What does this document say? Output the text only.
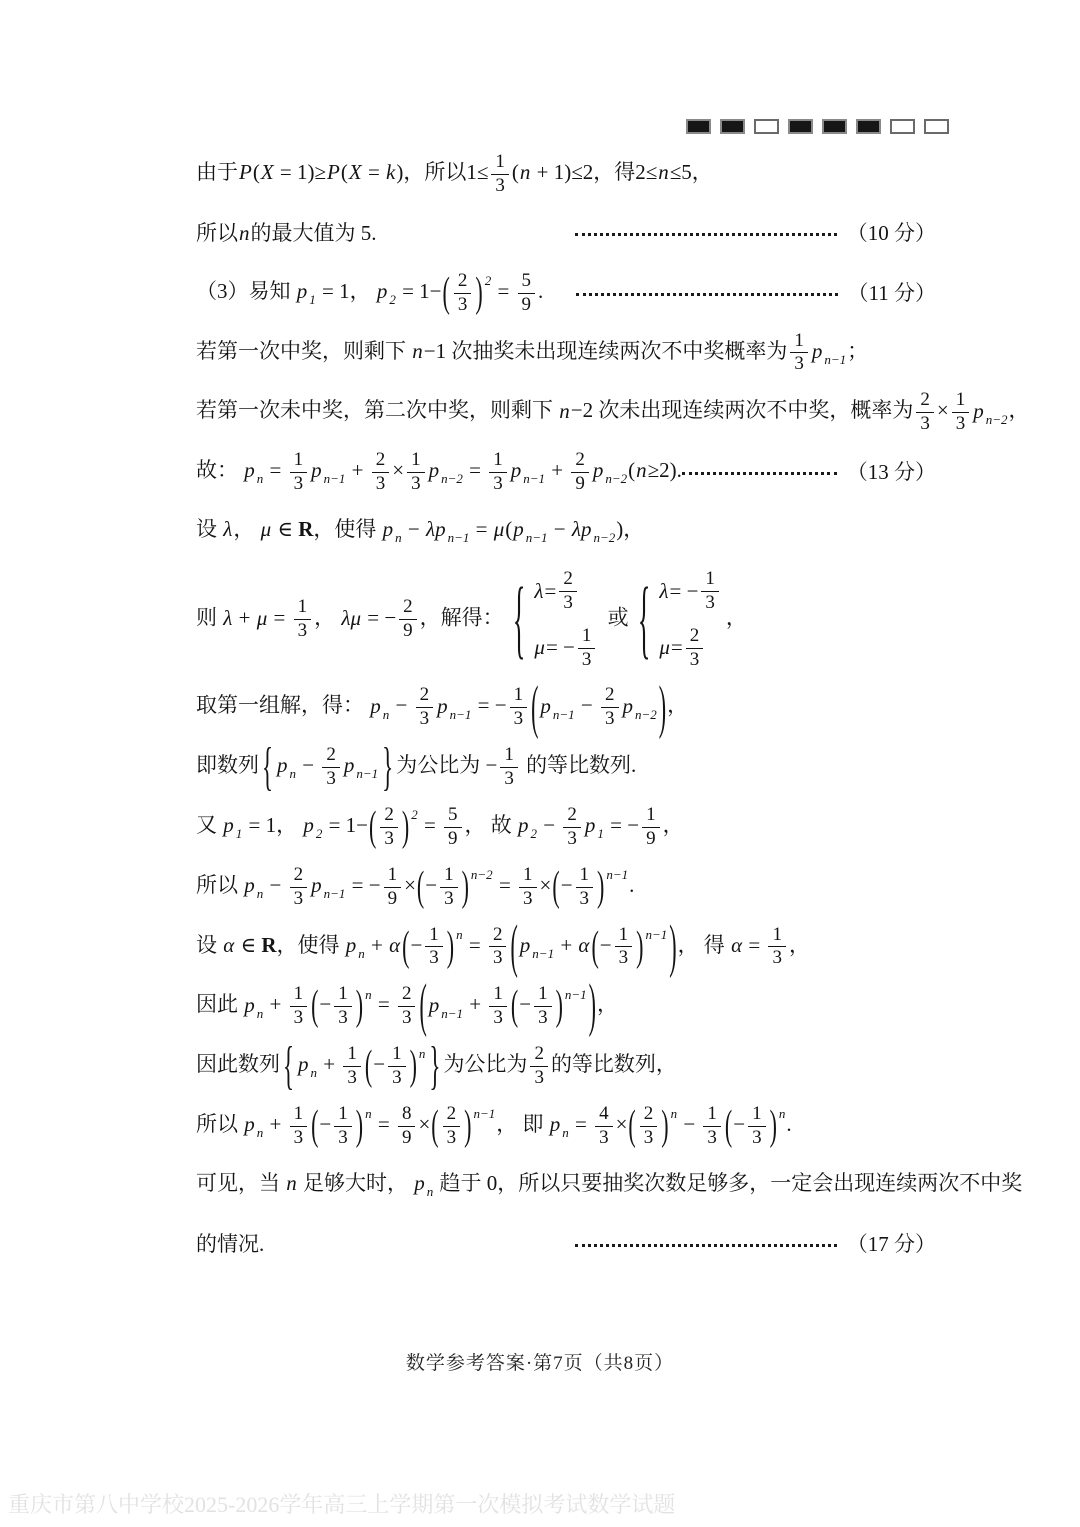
由于P(X = 1)≥P(X = k)，所以$1\le \frac{1}{3} (n + 1)\le 2$，得2≤n≤5，
所以n的最大值为 5.	（10 分）
（3）易知 p $_1$ = 1， p $_2 = 1-( \frac{2}{3}$ ) $^2 = \frac{5}{9}$ .	（11 分）
若第一次中奖，则剩下 n−1 次抽奖未出现连续两次不中奖概率为 $\frac{1}{3}$ p $_{n-1}$；
若第一次未中奖，第二次中奖，则剩下 n−2 次未出现连续两次不中奖，概率为 $\frac{2}{3} \times \frac{1}{3}$ p $_{n-2}$，
故： p $_n = \frac{1}{3}$ p $_{n-1} + \frac{2}{3} \times \frac{1}{3}$ p $_{n-2} = \frac{1}{3}$ p $_{n-1} + \frac{2}{9}$ p $_{n-2}$(n≥2).	（13 分）
设 λ， μ ∈ R，使得 p $_n$ − λp $_{n-1}$ = μ(p $_{n-1}$ − λp $_{n-2}$)，
则 $\lambda + \mu = \frac{1}{3}$ ， λμ = − $\frac{2}{9}$ ，解得： { $\lambda = \frac{2}{3}$
μ = − $\frac{1}{3}$
或 { λ = − $\frac{1}{3}$
$\mu = \frac{2}{3}$
，
取第一组解，得： p $_n - \frac{2}{3}$ p $_{n-1}$ = − $\frac{1}{3} (p$ $_{n-1} - \frac{2}{3}$ p $_{n-2}$)，
即数列 { p $_n - \frac{2}{3}$ p $_{n-1}$ } 为公比为 − $\frac{1}{3}$ 的等比数列.
又 p $_1$ = 1， p $_2 = 1-( \frac{2}{3}$ ) $^2 = \frac{5}{9}$ ， 故 p $_2 - \frac{2}{3}$ p $_1$ = − $\frac{1}{9}$ ，
所以 p $_n - \frac{2}{3}$ p $_{n-1}$ = − $\frac{1}{9}$ ×(− $\frac{1}{3}$ ) $^{n-2} = \frac{1}{3}$ ×(− $\frac{1}{3}$ ) $^{n-1}$.
设 α ∈ R，使得 p $_n + \alpha(- \frac{1}{3}$ ) $^n = \frac{2}{3} (p$ $_{n-1} + \alpha(- \frac{1}{3}$ ) $^{n-1}$)， 得 $\alpha = \frac{1}{3}$ ，
因此 p $_n + \frac{1}{3}$ (− $\frac{1}{3}$ ) $^n = \frac{2}{3} (p$ $_{n-1} + \frac{1}{3}$ (− $\frac{1}{3}$ ) $^{n-1}$)，
因此数列 { p $_n + \frac{1}{3}$ (− $\frac{1}{3}$ ) $^n$ } 为公比为 $\frac{2}{3}$ 的等比数列，
所以 p $_n + \frac{1}{3}$ (− $\frac{1}{3}$ ) $^n = \frac{8}{9}$ ×( $\frac{2}{3}$ ) $^{n-1}$， 即 p $_n = \frac{4}{3}$ ×( $\frac{2}{3}$ ) $^n - \frac{1}{3}$ (− $\frac{1}{3}$ ) $^n$.
可见，当 n 足够大时， p $_n$ 趋于 0，所以只要抽奖次数足够多，一定会出现连续两次不中奖
的情况.	（17 分）
数学参考答案·第7页（共8页）
重庆市第八中学校2025-2026学年高三上学期第一次模拟考试数学试题
